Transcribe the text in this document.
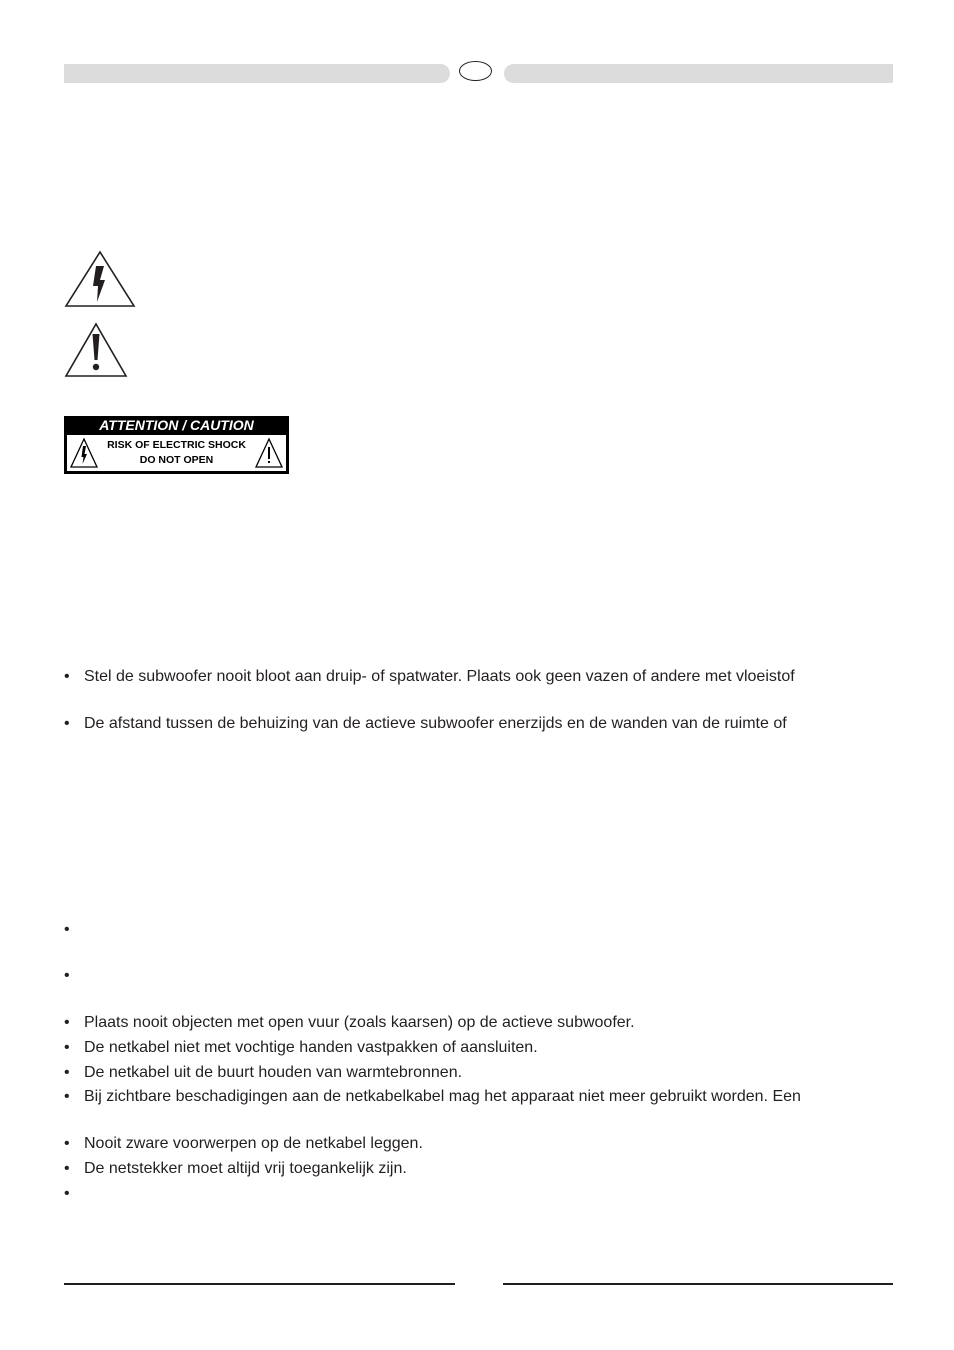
ATTENTION / CAUTION
RISK OF ELECTRIC SHOCK
DO NOT OPEN
• Stel de subwoofer nooit bloot aan druip- of spatwater. Plaats ook geen vazen of andere met vloeistof
• De afstand tussen de behuizing van de actieve subwoofer enerzijds en de wanden van de ruimte of
•
•
• Plaats nooit objecten met open vuur (zoals kaarsen) op de actieve subwoofer.
• De netkabel niet met vochtige handen vastpakken of aansluiten.
• De netkabel uit de buurt houden van warmtebronnen.
• Bij zichtbare beschadigingen aan de netkabelkabel mag het apparaat niet meer gebruikt worden. Een
• Nooit zware voorwerpen op de netkabel leggen.
• De netstekker moet altijd vrij toegankelijk zijn.
•
